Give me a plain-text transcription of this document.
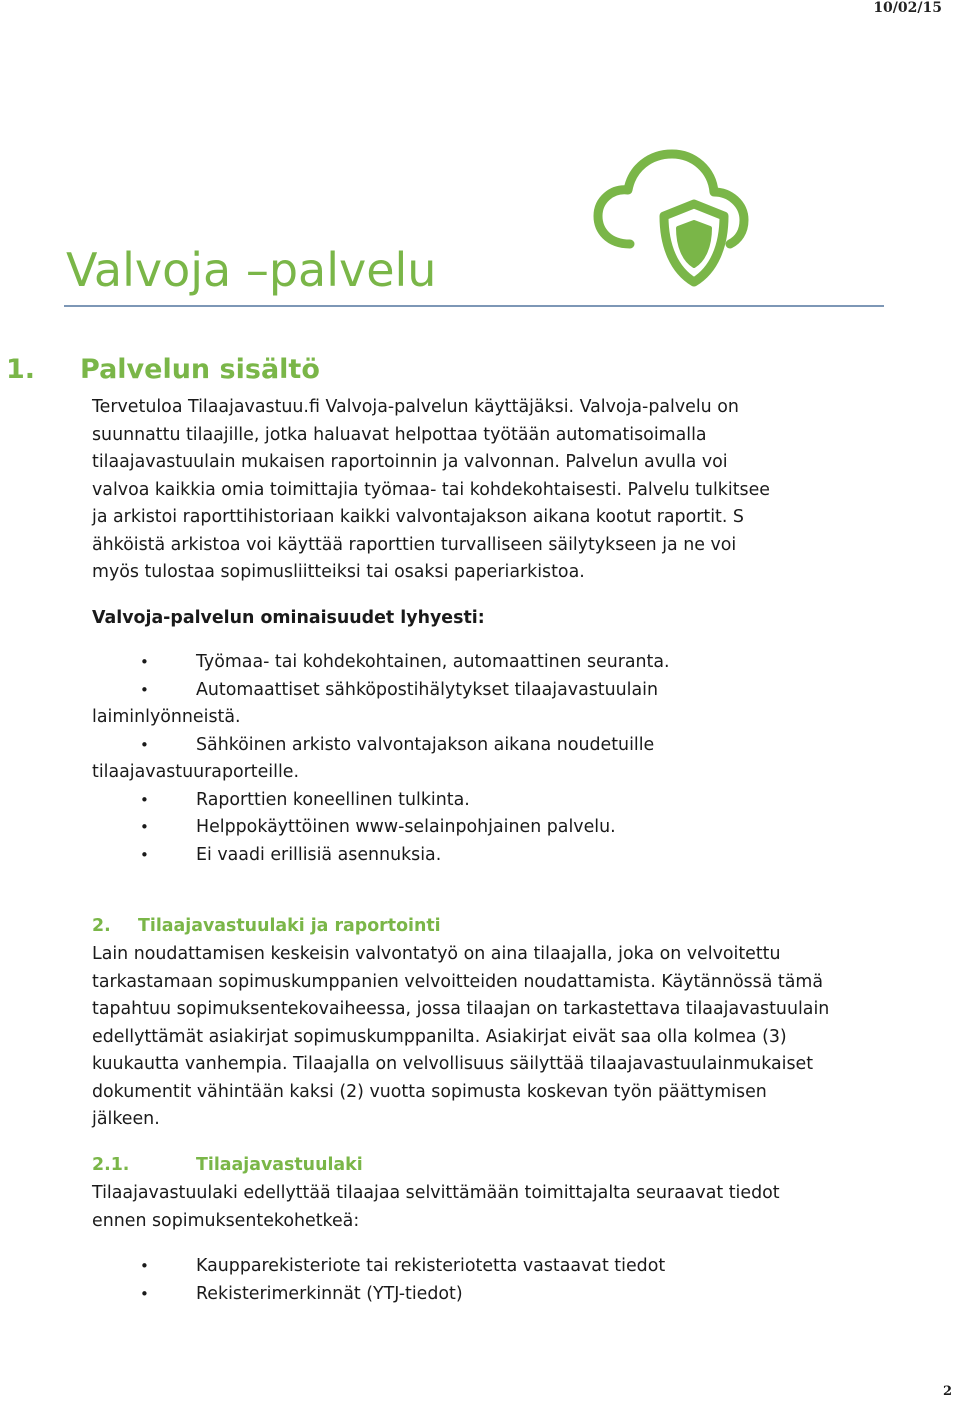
10/02/15
Valvoja –palvelu
1. Palvelun sisältö
Tervetuloa Tilaajavastuu.fi Valvoja-palvelun käyttäjäksi. Valvoja-palvelu on
suunnattu tilaajille, jotka haluavat helpottaa työtään automatisoimalla
tilaajavastuulain mukaisen raportoinnin ja valvonnan. Palvelun avulla voi
valvoa kaikkia omia toimittajia työmaa- tai kohdekohtaisesti. Palvelu tulkitsee
ja arkistoi raporttihistoriaan kaikki valvontajakson aikana kootut raportit. S
ähköistä arkistoa voi käyttää raporttien turvalliseen säilytykseen ja ne voi
myös tulostaa sopimusliitteiksi tai osaksi paperiarkistoa.
Valvoja-palvelun ominaisuudet lyhyesti:
•	Työmaa- tai kohdekohtainen, automaattinen seuranta.
•	Automaattiset sähköpostihälytykset tilaajavastuulain
laiminlyönneistä.
•	Sähköinen arkisto valvontajakson aikana noudetuille
tilaajavastuuraporteille.
•	Raporttien koneellinen tulkinta.
•	Helppokäyttöinen www-selainpohjainen palvelu.
•	Ei vaadi erillisiä asennuksia.
2. Tilaajavastuulaki ja raportointi
Lain noudattamisen keskeisin valvontatyö on aina tilaajalla, joka on velvoitettu
tarkastamaan sopimuskumppanien velvoitteiden noudattamista. Käytännössä tämä
tapahtuu sopimuksentekovaiheessa, jossa tilaajan on tarkastettava tilaajavastuulain
edellyttämät asiakirjat sopimuskumppanilta. Asiakirjat eivät saa olla kolmea (3)
kuukautta vanhempia. Tilaajalla on velvollisuus säilyttää tilaajavastuulainmukaiset
dokumentit vähintään kaksi (2) vuotta sopimusta koskevan työn päättymisen
jälkeen.
2.1.	Tilaajavastuulaki
Tilaajavastuulaki edellyttää tilaajaa selvittämään toimittajalta seuraavat tiedot
ennen sopimuksentekohetkeä:
•	Kaupparekisteriote tai rekisteriotetta vastaavat tiedot
•	Rekisterimerkinnät (YTJ-tiedot)
2
